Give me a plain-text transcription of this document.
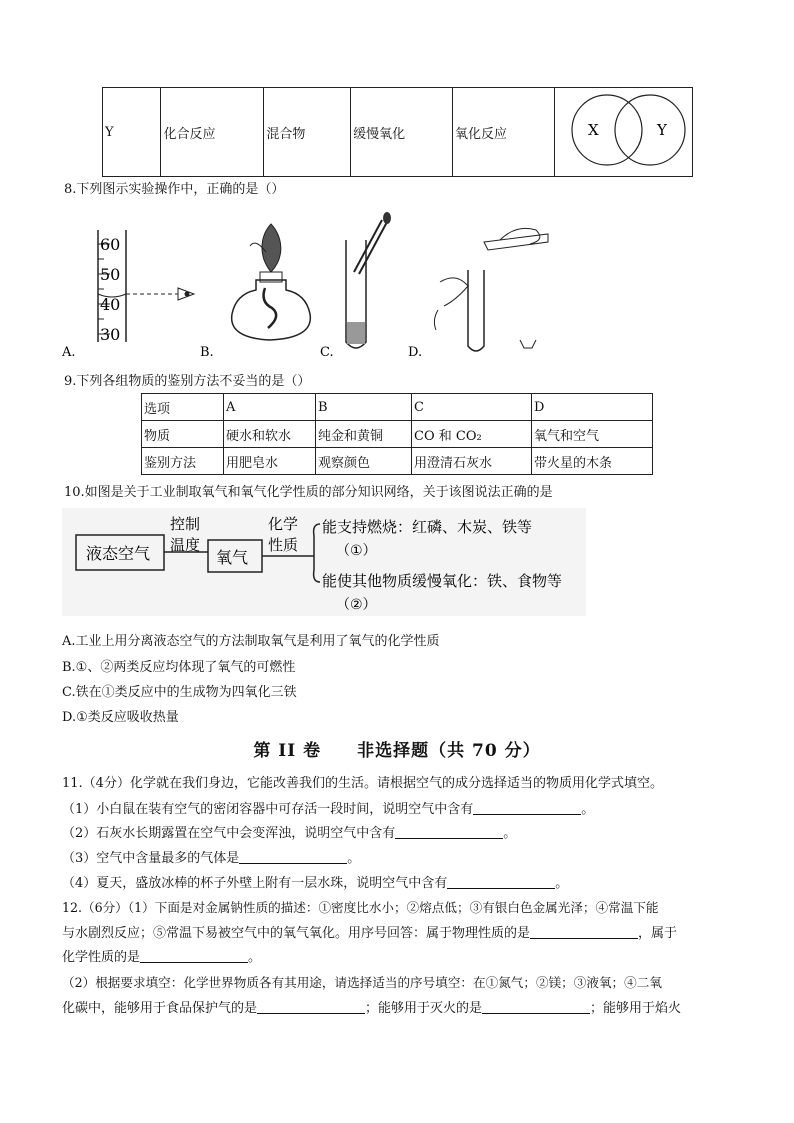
Y	化合反应	混合物	缓慢氧化	氧化反应	X	Y
8.下列图示实验操作中，正确的是（）
60
50
40
30
A.	B.	C.	D.
9.下列各组物质的鉴别方法不妥当的是（）
选项	A	B	C	D
物质	硬水和软水	纯金和黄铜	CO 和 CO₂	氧气和空气
鉴别方法	用肥皂水	观察颜色	用澄清石灰水	带火星的木条
10.如图是关于工业制取氧气和氧气化学性质的部分知识网络，关于该图说法正确的是
液态空气
控制
温度
氧气
化学
性质
能支持燃烧：红磷、木炭、铁等
（①）
能使其他物质缓慢氧化：铁、食物等
（②）
A.工业上用分离液态空气的方法制取氧气是利用了氧气的化学性质
B.①、②两类反应均体现了氧气的可燃性
C.铁在①类反应中的生成物为四氧化三铁
D.①类反应吸收热量
第 II 卷　　非选择题（共 70 分）
11.（4分）化学就在我们身边，它能改善我们的生活。请根据空气的成分选择适当的物质用化学式填空。
（1）小白鼠在装有空气的密闭容器中可存活一段时间，说明空气中含有	。
（2）石灰水长期露置在空气中会变浑浊，说明空气中含有	。
（3）空气中含量最多的气体是	。
（4）夏天，盛放冰棒的杯子外壁上附有一层水珠，说明空气中含有	。
12.（6分）（1）下面是对金属钠性质的描述：①密度比水小；②熔点低；③有银白色金属光泽；④常温下能
与水剧烈反应；⑤常温下易被空气中的氧气氧化。用序号回答：属于物理性质的是	，属于
化学性质的是	。
（2）根据要求填空：化学世界物质各有其用途，请选择适当的序号填空：在①氮气；②镁；③液氧；④二氧
化碳中，能够用于食品保护气的是	；能够用于灭火的是	；能够用于焰火
